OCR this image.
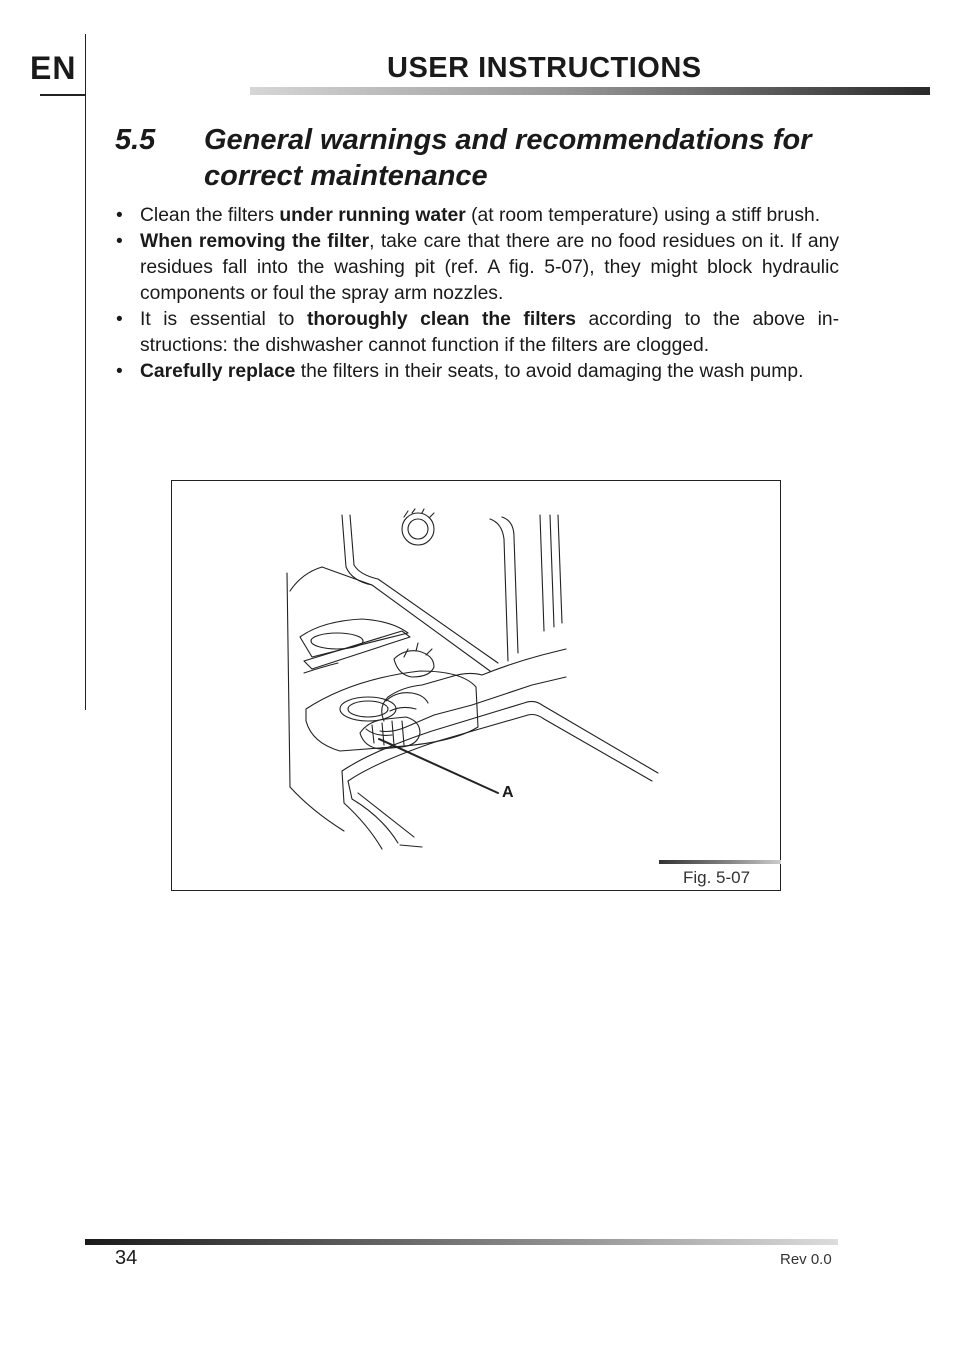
EN	USER INSTRUCTIONS
5.5 General warnings and recommendations for correct maintenance
• Clean the filters under running water (at room temperature) using a stiff brush.
• When removing the filter, take care that there are no food residues on it. If any residues fall into the washing pit (ref. A fig. 5-07), they might block hydraulic components or foul the spray arm nozzles.
• It is essential to thoroughly clean the filters according to the above in-structions: the dishwasher cannot function if the filters are clogged.
• Carefully replace the filters in their seats, to avoid damaging the wash pump.
A
Fig. 5-07
34	Rev 0.0
